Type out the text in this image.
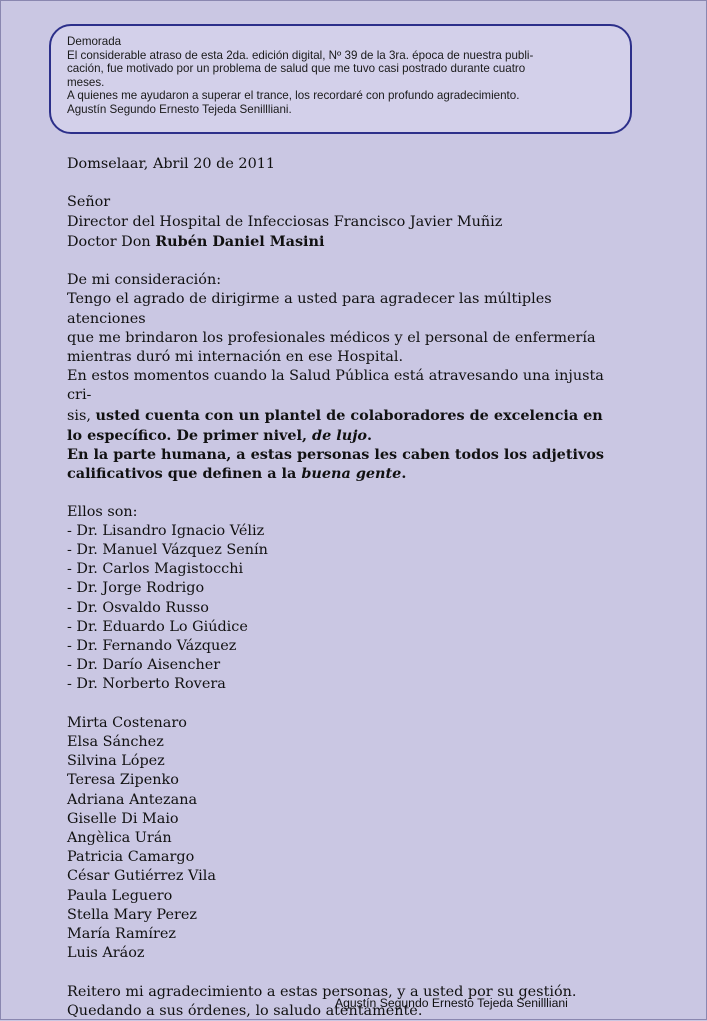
Demorada

El considerable atraso de esta 2da. edición digital, Nº 39 de la 3ra. época de nuestra publi-

cación, fue motivado por un problema de salud que me tuvo casi postrado durante cuatro

meses.

A quienes me ayudaron a superar el trance, los recordaré con profundo agradecimiento.

Agustín Segundo Ernesto Tejeda Senillliani.

Domselaar, Abril 20 de 2011

Señor

Director del Hospital de Infecciosas Francisco Javier Muñiz

Doctor Don Rubén Daniel Masini

De mi consideración:

Tengo el agrado de dirigirme a usted para agradecer las múltiples atenciones

que me brindaron los profesionales médicos y el personal de enfermería

mientras duró mi internación en ese Hospital.

En estos momentos cuando la Salud Pública está atravesando una injusta cri-

sis, usted cuenta con un plantel de colaboradores de excelencia en

lo específico. De primer nivel, de lujo.

En la parte humana, a estas personas les caben todos los adjetivos

calificativos que definen a la buena gente.

Ellos son:

- Dr. Lisandro Ignacio Véliz
- Dr. Manuel Vázquez Senín
- Dr. Carlos Magistocchi
- Dr. Jorge Rodrigo
- Dr. Osvaldo Russo
- Dr. Eduardo Lo Giúdice
- Dr. Fernando Vázquez
- Dr. Darío Aisencher
- Dr. Norberto Rovera
Mirta Costenaro
Elsa Sánchez
Silvina López
Teresa Zipenko
Adriana Antezana
Giselle Di Maio
Angèlica Urán
Patricia Camargo
César Gutiérrez Vila
Paula Leguero
Stella Mary Perez
María Ramírez
Luis Aráoz

Reitero mi agradecimiento a estas personas, y a usted por su gestión.

Quedando a sus órdenes, lo saludo atentamente.

Agustín Segundo Ernesto Tejeda Senillliani
